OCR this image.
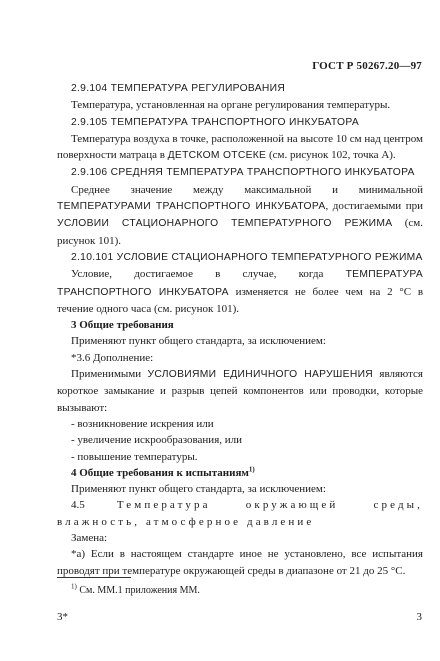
ГОСТ Р 50267.20—97

2.9.104 ТЕМПЕРАТУРА РЕГУЛИРОВАНИЯ

Температура, установленная на органе регулирования температуры.

2.9.105 ТЕМПЕРАТУРА ТРАНСПОРТНОГО ИНКУБАТОРА

Температура воздуха в точке, расположенной на высоте 10 см над центром поверхности матраца в ДЕТСКОМ ОТСЕКЕ (см. рисунок 102, точка А).

2.9.106 СРЕДНЯЯ ТЕМПЕРАТУРА ТРАНСПОРТНОГО ИНКУБАТОРА

Среднее значение между максимальной и минимальной ТЕМПЕРАТУРАМИ ТРАНСПОРТНОГО ИНКУБАТОРА, достигаемыми при УСЛОВИИ СТАЦИОНАРНОГО ТЕМПЕРАТУРНОГО РЕЖИМА (см. рисунок 101).

2.10.101 УСЛОВИЕ СТАЦИОНАРНОГО ТЕМПЕРАТУРНОГО РЕЖИМА

Условие, достигаемое в случае, когда ТЕМПЕРАТУРА ТРАНСПОРТНОГО ИНКУБАТОРА изменяется не более чем на 2 °С в течение одного часа (см. рисунок 101).

3 Общие требования

Применяют пункт общего стандарта, за исключением:

*3.6 Дополнение:

Применимыми УСЛОВИЯМИ ЕДИНИЧНОГО НАРУШЕНИЯ являются короткое замыкание и разрыв цепей компонентов или проводки, которые вызывают:

- возникновение искрения или

- увеличение искрообразования, или

- повышение температуры.

4 Общие требования к испытаниям$^{1)}$

Применяют пункт общего стандарта, за исключением:

4.5 Температура окружающей среды, влажность, атмосферное давление

Замена:

*а) Если в настоящем стандарте иное не установлено, все испытания проводят при температуре окружающей среды в диапазоне от 21 до 25 °С.

$^{1)}$ См. ММ.1 приложения ММ.
3*	3
